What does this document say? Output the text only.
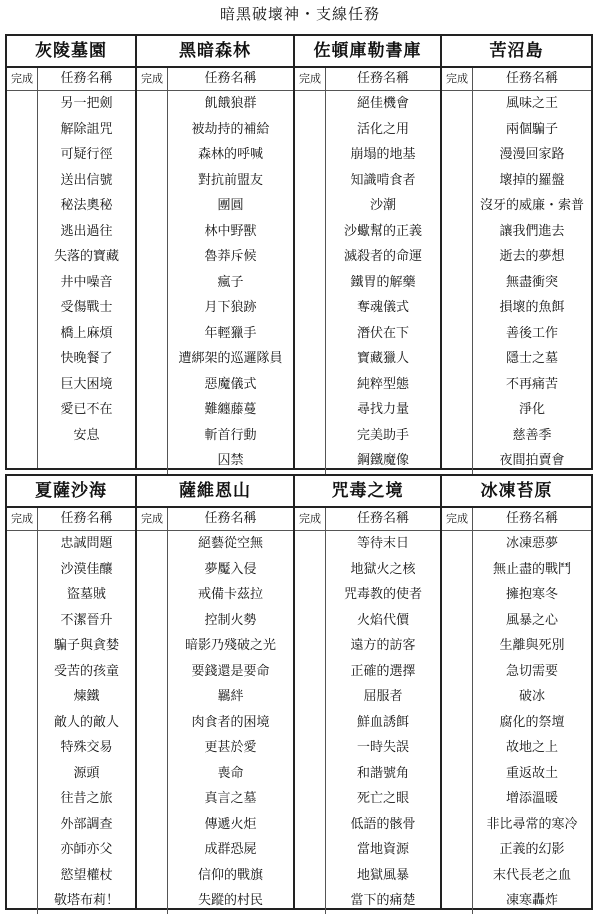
暗黑破壞神・支線任務
灰陵墓園
完成	任務名稱
另一把劍
解除詛咒
可疑行徑
送出信號
秘法奧秘
逃出過往
失落的寶藏
井中噪音
受傷戰士
橋上麻煩
快晚餐了
巨大困境
愛已不在
安息
黑暗森林
完成	任務名稱
飢餓狼群
被劫持的補給
森林的呼喊
對抗前盟友
團圓
林中野獸
魯莽斥候
瘋子
月下狼跡
年輕獵手
遭綁架的巡邏隊員
惡魔儀式
難纏藤蔓
斬首行動
囚禁
佐頓庫勒書庫
完成	任務名稱
絕佳機會
活化之用
崩塌的地基
知識啃食者
沙潮
沙蠍幫的正義
滅殺者的命運
鐵胃的解藥
奪魂儀式
潛伏在下
寶藏獵人
純粹型態
尋找力量
完美助手
鋼鐵魔像
苦沼島
完成	任務名稱
風味之王
兩個騙子
漫漫回家路
壞掉的羅盤
沒牙的威廉・索普
讓我們進去
逝去的夢想
無盡衝突
損壞的魚餌
善後工作
隱士之墓
不再痛苦
淨化
慈善季
夜間拍賣會
夏薩沙海
完成	任務名稱
忠誠問題
沙漠佳釀
盜墓賊
不潔晉升
騙子與貪婪
受苦的孩童
煉鐵
敵人的敵人
特殊交易
源頭
往昔之旅
外部調查
亦師亦父
慾望權杖
敬塔布莉！
薩維恩山
完成	任務名稱
絕藝從空無
夢魘入侵
戒備卡茲拉
控制火勢
暗影乃殘破之光
要錢還是要命
羈絆
肉食者的困境
更甚於愛
喪命
真言之墓
傳遞火炬
成群恐屍
信仰的戰旗
失蹤的村民
咒毒之境
完成	任務名稱
等待末日
地獄火之核
咒毒教的使者
火焰代價
遠方的訪客
正確的選擇
屈服者
鮮血誘餌
一時失誤
和諧號角
死亡之眼
低語的骸骨
當地資源
地獄風暴
當下的痛楚
冰凍苔原
完成	任務名稱
冰凍惡夢
無止盡的戰鬥
擁抱寒冬
風暴之心
生離與死別
急切需要
破冰
腐化的祭壇
故地之上
重返故土
增添溫暖
非比尋常的寒冷
正義的幻影
末代長老之血
凍寒轟炸
